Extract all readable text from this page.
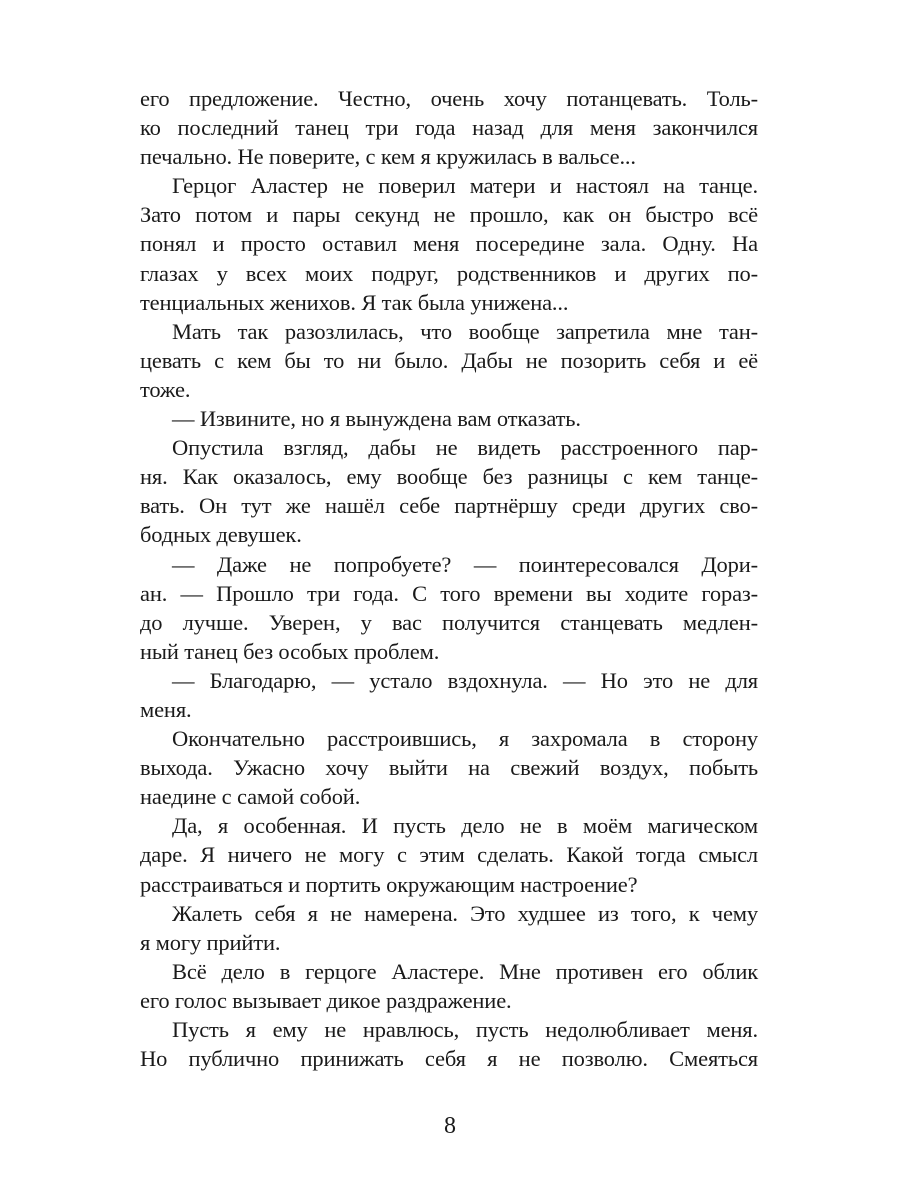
его предложение. Честно, очень хочу потанцевать. Толь-
ко последний танец три года назад для меня закончился
печально. Не поверите, с кем я кружилась в вальсе...
Герцог Аластер не поверил матери и настоял на танце.
Зато потом и пары секунд не прошло, как он быстро всё
понял и просто оставил меня посередине зала. Одну. На
глазах у всех моих подруг, родственников и других по-
тенциальных женихов. Я так была унижена...
Мать так разозлилась, что вообще запретила мне тан-
цевать с кем бы то ни было. Дабы не позорить себя и её
тоже.
— Извините, но я вынуждена вам отказать.
Опустила взгляд, дабы не видеть расстроенного пар-
ня. Как оказалось, ему вообще без разницы с кем танце-
вать. Он тут же нашёл себе партнёршу среди других сво-
бодных девушек.
— Даже не попробуете? — поинтересовался Дори-
ан. — Прошло три года. С того времени вы ходите гораз-
до лучше. Уверен, у вас получится станцевать медлен-
ный танец без особых проблем.
— Благодарю, — устало вздохнула. — Но это не для
меня.
Окончательно расстроившись, я захромала в сторону
выхода. Ужасно хочу выйти на свежий воздух, побыть
наедине с самой собой.
Да, я особенная. И пусть дело не в моём магическом
даре. Я ничего не могу с этим сделать. Какой тогда смысл
расстраиваться и портить окружающим настроение?
Жалеть себя я не намерена. Это худшее из того, к чему
я могу прийти.
Всё дело в герцоге Аластере. Мне противен его облик
его голос вызывает дикое раздражение.
Пусть я ему не нравлюсь, пусть недолюбливает меня.
Но публично принижать себя я не позволю. Смеяться
8
